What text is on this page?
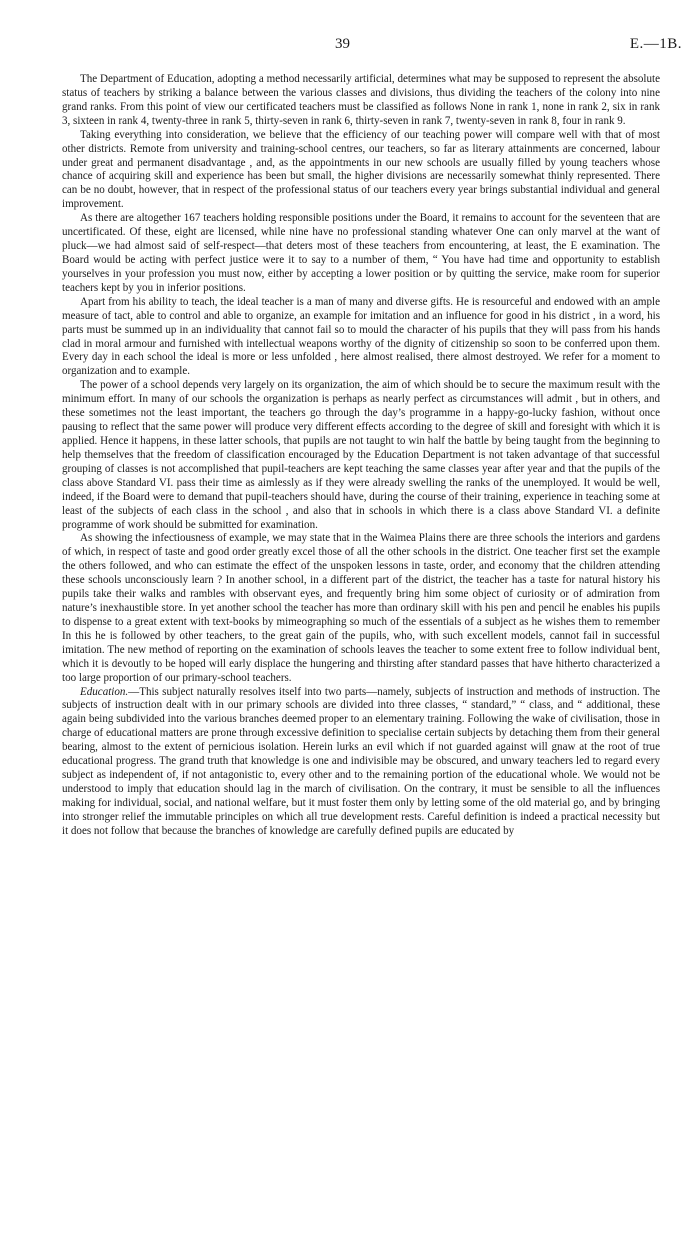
39	E.—1B.

The Department of Education, adopting a method necessarily artificial, determines what may be supposed to represent the absolute status of teachers by striking a balance between the various classes and divisions, thus dividing the teachers of the colony into nine grand ranks. From this point of view our certificated teachers must be classified as follows None in rank 1, none in rank 2, six in rank 3, sixteen in rank 4, twenty-three in rank 5, thirty-seven in rank 6, thirty-seven in rank 7, twenty-seven in rank 8, four in rank 9.

Taking everything into consideration, we believe that the efficiency of our teaching power will compare well with that of most other districts. Remote from university and training-school centres, our teachers, so far as literary attainments are concerned, labour under great and permanent disadvantage , and, as the appointments in our new schools are usually filled by young teachers whose chance of acquiring skill and experience has been but small, the higher divisions are necessarily somewhat thinly represented. There can be no doubt, however, that in respect of the professional status of our teachers every year brings substantial individual and general improvement.

As there are altogether 167 teachers holding responsible positions under the Board, it remains to account for the seventeen that are uncertificated. Of these, eight are licensed, while nine have no professional standing whatever One can only marvel at the want of pluck—we had almost said of self-respect—that deters most of these teachers from encountering, at least, the E examination. The Board would be acting with perfect justice were it to say to a number of them, “ You have had time and opportunity to establish yourselves in your profession you must now, either by accepting a lower position or by quitting the service, make room for superior teachers kept by you in inferior positions.

Apart from his ability to teach, the ideal teacher is a man of many and diverse gifts. He is resourceful and endowed with an ample measure of tact, able to control and able to organize, an example for imitation and an influence for good in his district , in a word, his parts must be summed up in an individuality that cannot fail so to mould the character of his pupils that they will pass from his hands clad in moral armour and furnished with intellectual weapons worthy of the dignity of citizenship so soon to be conferred upon them. Every day in each school the ideal is more or less unfolded , here almost realised, there almost destroyed. We refer for a moment to organization and to example.

The power of a school depends very largely on its organization, the aim of which should be to secure the maximum result with the minimum effort. In many of our schools the organization is perhaps as nearly perfect as circumstances will admit , but in others, and these sometimes not the least important, the teachers go through the day’s programme in a happy-go-lucky fashion, without once pausing to reflect that the same power will produce very different effects according to the degree of skill and foresight with which it is applied. Hence it happens, in these latter schools, that pupils are not taught to win half the battle by being taught from the beginning to help themselves that the freedom of classification encouraged by the Education Department is not taken advantage of that successful grouping of classes is not accomplished that pupil-teachers are kept teaching the same classes year after year and that the pupils of the class above Standard VI. pass their time as aimlessly as if they were already swelling the ranks of the unemployed. It would be well, indeed, if the Board were to demand that pupil-teachers should have, during the course of their training, experience in teaching some at least of the subjects of each class in the school , and also that in schools in which there is a class above Standard VI. a definite programme of work should be submitted for examination.

As showing the infectiousness of example, we may state that in the Waimea Plains there are three schools the interiors and gardens of which, in respect of taste and good order greatly excel those of all the other schools in the district. One teacher first set the example the others followed, and who can estimate the effect of the unspoken lessons in taste, order, and economy that the children attending these schools unconsciously learn ? In another school, in a different part of the district, the teacher has a taste for natural history his pupils take their walks and rambles with observant eyes, and frequently bring him some object of curiosity or of admiration from nature’s inexhaustible store. In yet another school the teacher has more than ordinary skill with his pen and pencil he enables his pupils to dispense to a great extent with text-books by mimeographing so much of the essentials of a subject as he wishes them to remember In this he is followed by other teachers, to the great gain of the pupils, who, with such excellent models, cannot fail in successful imitation. The new method of reporting on the examination of schools leaves the teacher to some extent free to follow individual bent, which it is devoutly to be hoped will early displace the hungering and thirsting after standard passes that have hitherto characterized a too large proportion of our primary-school teachers.

Education.—This subject naturally resolves itself into two parts—namely, subjects of instruction and methods of instruction. The subjects of instruction dealt with in our primary schools are divided into three classes, “ standard,” “ class, and “ additional, these again being subdivided into the various branches deemed proper to an elementary training. Following the wake of civilisation, those in charge of educational matters are prone through excessive definition to specialise certain subjects by detaching them from their general bearing, almost to the extent of pernicious isolation. Herein lurks an evil which if not guarded against will gnaw at the root of true educational progress. The grand truth that knowledge is one and indivisible may be obscured, and unwary teachers led to regard every subject as independent of, if not antagonistic to, every other and to the remaining portion of the educational whole. We would not be understood to imply that education should lag in the march of civilisation. On the contrary, it must be sensible to all the influences making for individual, social, and national welfare, but it must foster them only by letting some of the old material go, and by bringing into stronger relief the immutable principles on which all true development rests. Careful definition is indeed a practical necessity but it does not follow that because the branches of knowledge are carefully defined pupils are educated by
